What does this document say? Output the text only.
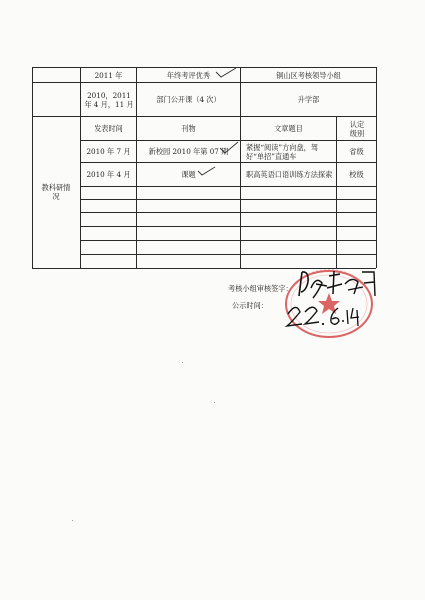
2011 年	年终考评优秀	铜山区考核领导小组
2010，2011 年 4 月，11 月	部门公开课（4 次）	升学部
教科研情况
发表时间	刊物	文章题目	认定级别
2010 年 7 月	新校园 2010 年第 07 期	紧握“阅读”方向盘，驾好“单招”直通车	省级
2010 年 4 月	课题	职高英语口语训练方法探索	校级
考核小组审核签字：
公示时间：
